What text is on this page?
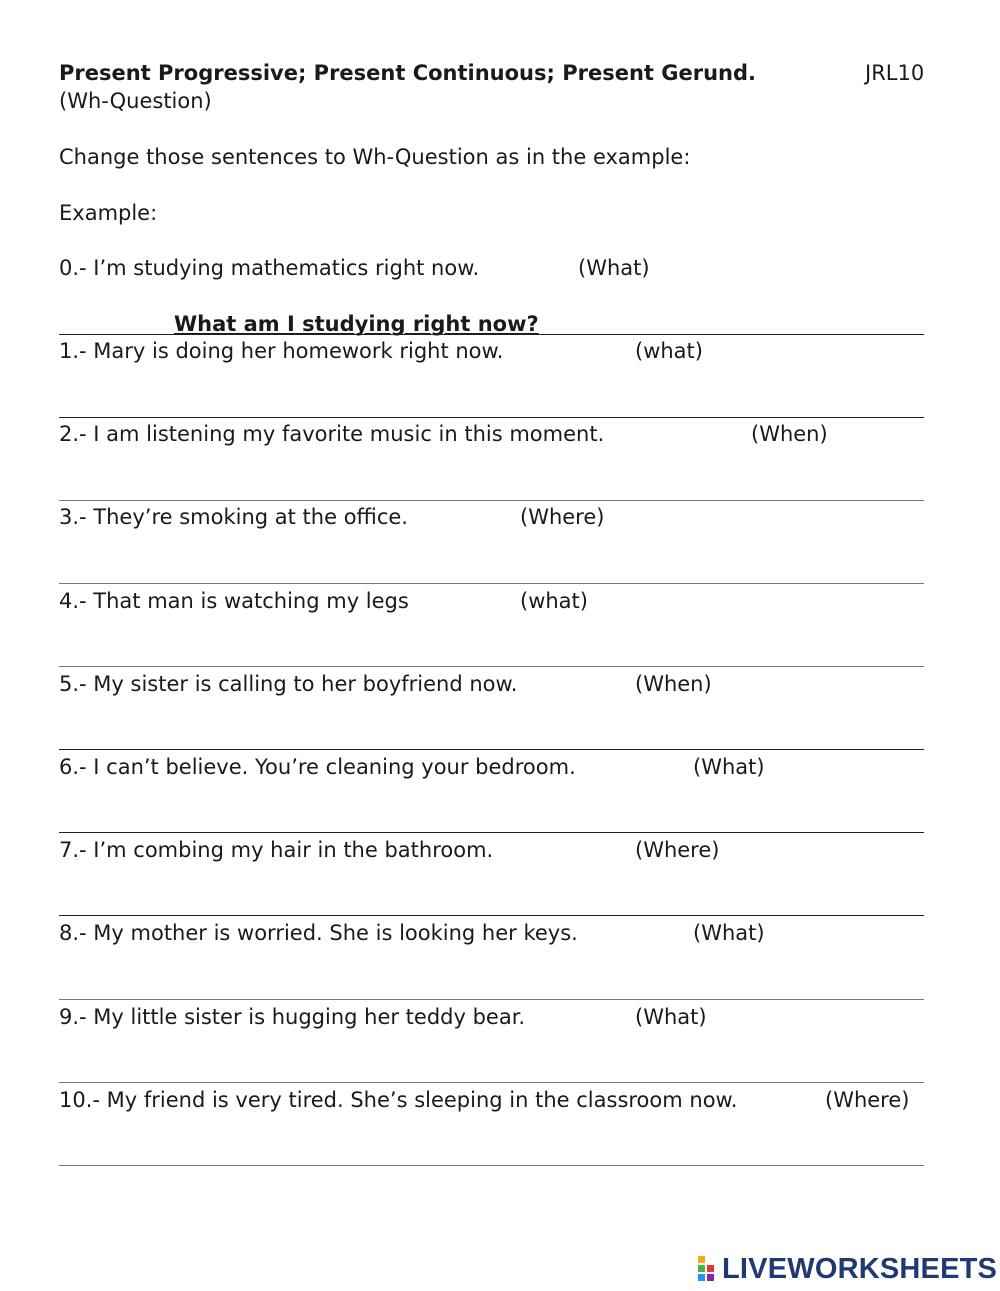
Present Progressive; Present Continuous; Present Gerund.	JRL10
(Wh-Question)
Change those sentences to Wh-Question as in the example:
Example:
0.- I’m studying mathematics right now.	(What)
What am I studying right now?
1.- Mary is doing her homework right now.	(what)
2.- I am listening my favorite music in this moment.	(When)
3.- They’re smoking at the office.	(Where)
4.- That man is watching my legs	(what)
5.- My sister is calling to her boyfriend now.	(When)
6.- I can’t believe. You’re cleaning your bedroom.	(What)
7.- I’m combing my hair in the bathroom.	(Where)
8.- My mother is worried. She is looking her keys.	(What)
9.- My little sister is hugging her teddy bear.	(What)
10.- My friend is very tired. She’s sleeping in the classroom now.	(Where)
LIVEWORKSHEETS
